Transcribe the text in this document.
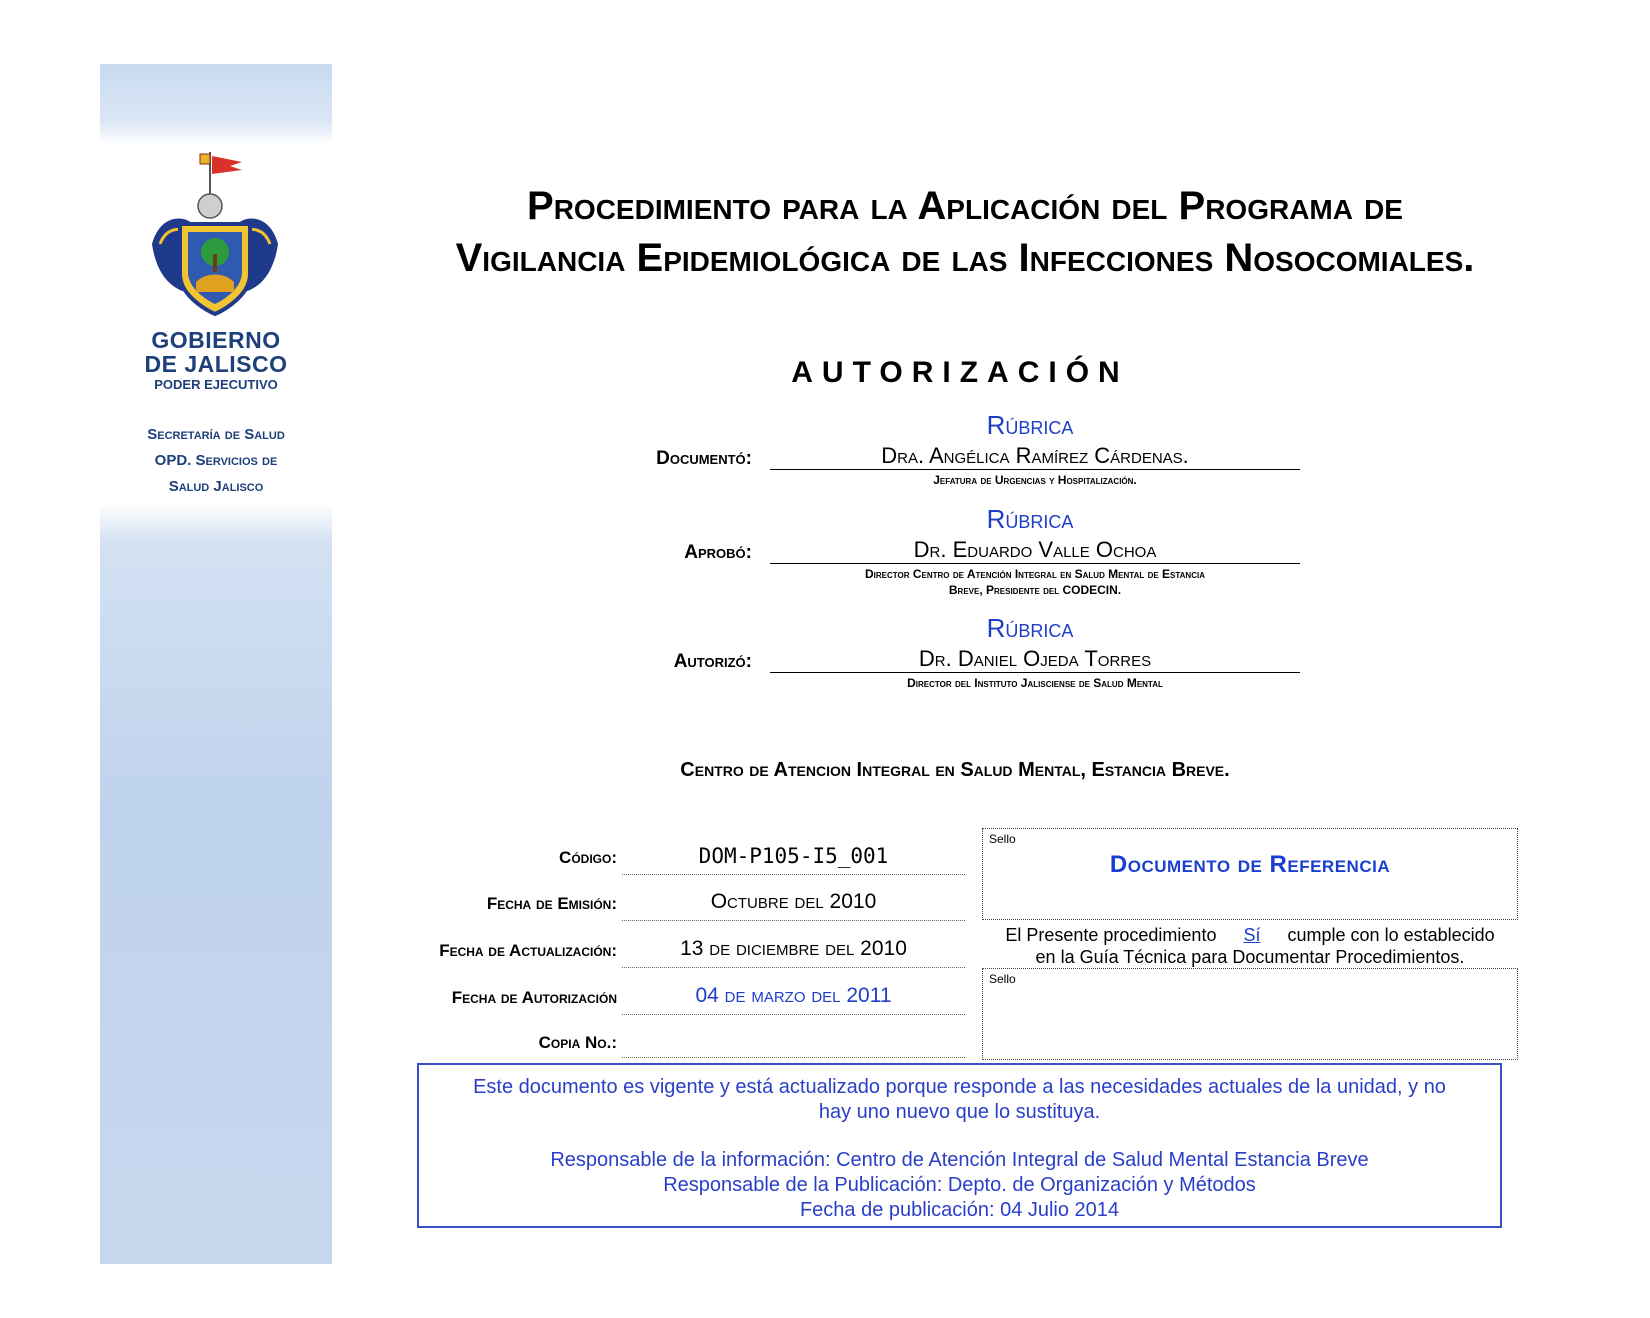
GOBIERNO
DE JALISCO
PODER EJECUTIVO
Secretaría de Salud
OPD. Servicios de
Salud Jalisco
Procedimiento para la Aplicación del Programa de
Vigilancia Epidemiológica de las Infecciones Nosocomiales.
AUTORIZACIÓN
Documentó:
Rúbrica
Dra. Angélica Ramírez Cárdenas.
Jefatura de Urgencias y Hospitalización.
Aprobó:
Rúbrica
Dr. Eduardo Valle Ochoa
Director Centro de Atención Integral en Salud Mental de Estancia
Breve, Presidente del CODECIN.
Autorizó:
Rúbrica
Dr. Daniel Ojeda Torres
Director del Instituto Jalisciense de Salud Mental
Centro de Atencion Integral en Salud Mental, Estancia Breve.
Código:	DOM-P105-I5_001
Fecha de Emisión:	Octubre del 2010
Fecha de Actualización:	13 de diciembre del 2010
Fecha de Autorización	04 de marzo del 2011
Copia No.:
Sello
Documento de Referencia
El Presente procedimiento Sí cumple con lo establecido
en la Guía Técnica para Documentar Procedimientos.
Sello
Este documento es vigente y está actualizado porque responde a las necesidades actuales de la unidad, y no
hay uno nuevo que lo sustituya.
Responsable de la información: Centro de Atención Integral de Salud Mental Estancia Breve
Responsable de la Publicación: Depto. de Organización y Métodos
Fecha de publicación: 04 Julio 2014
